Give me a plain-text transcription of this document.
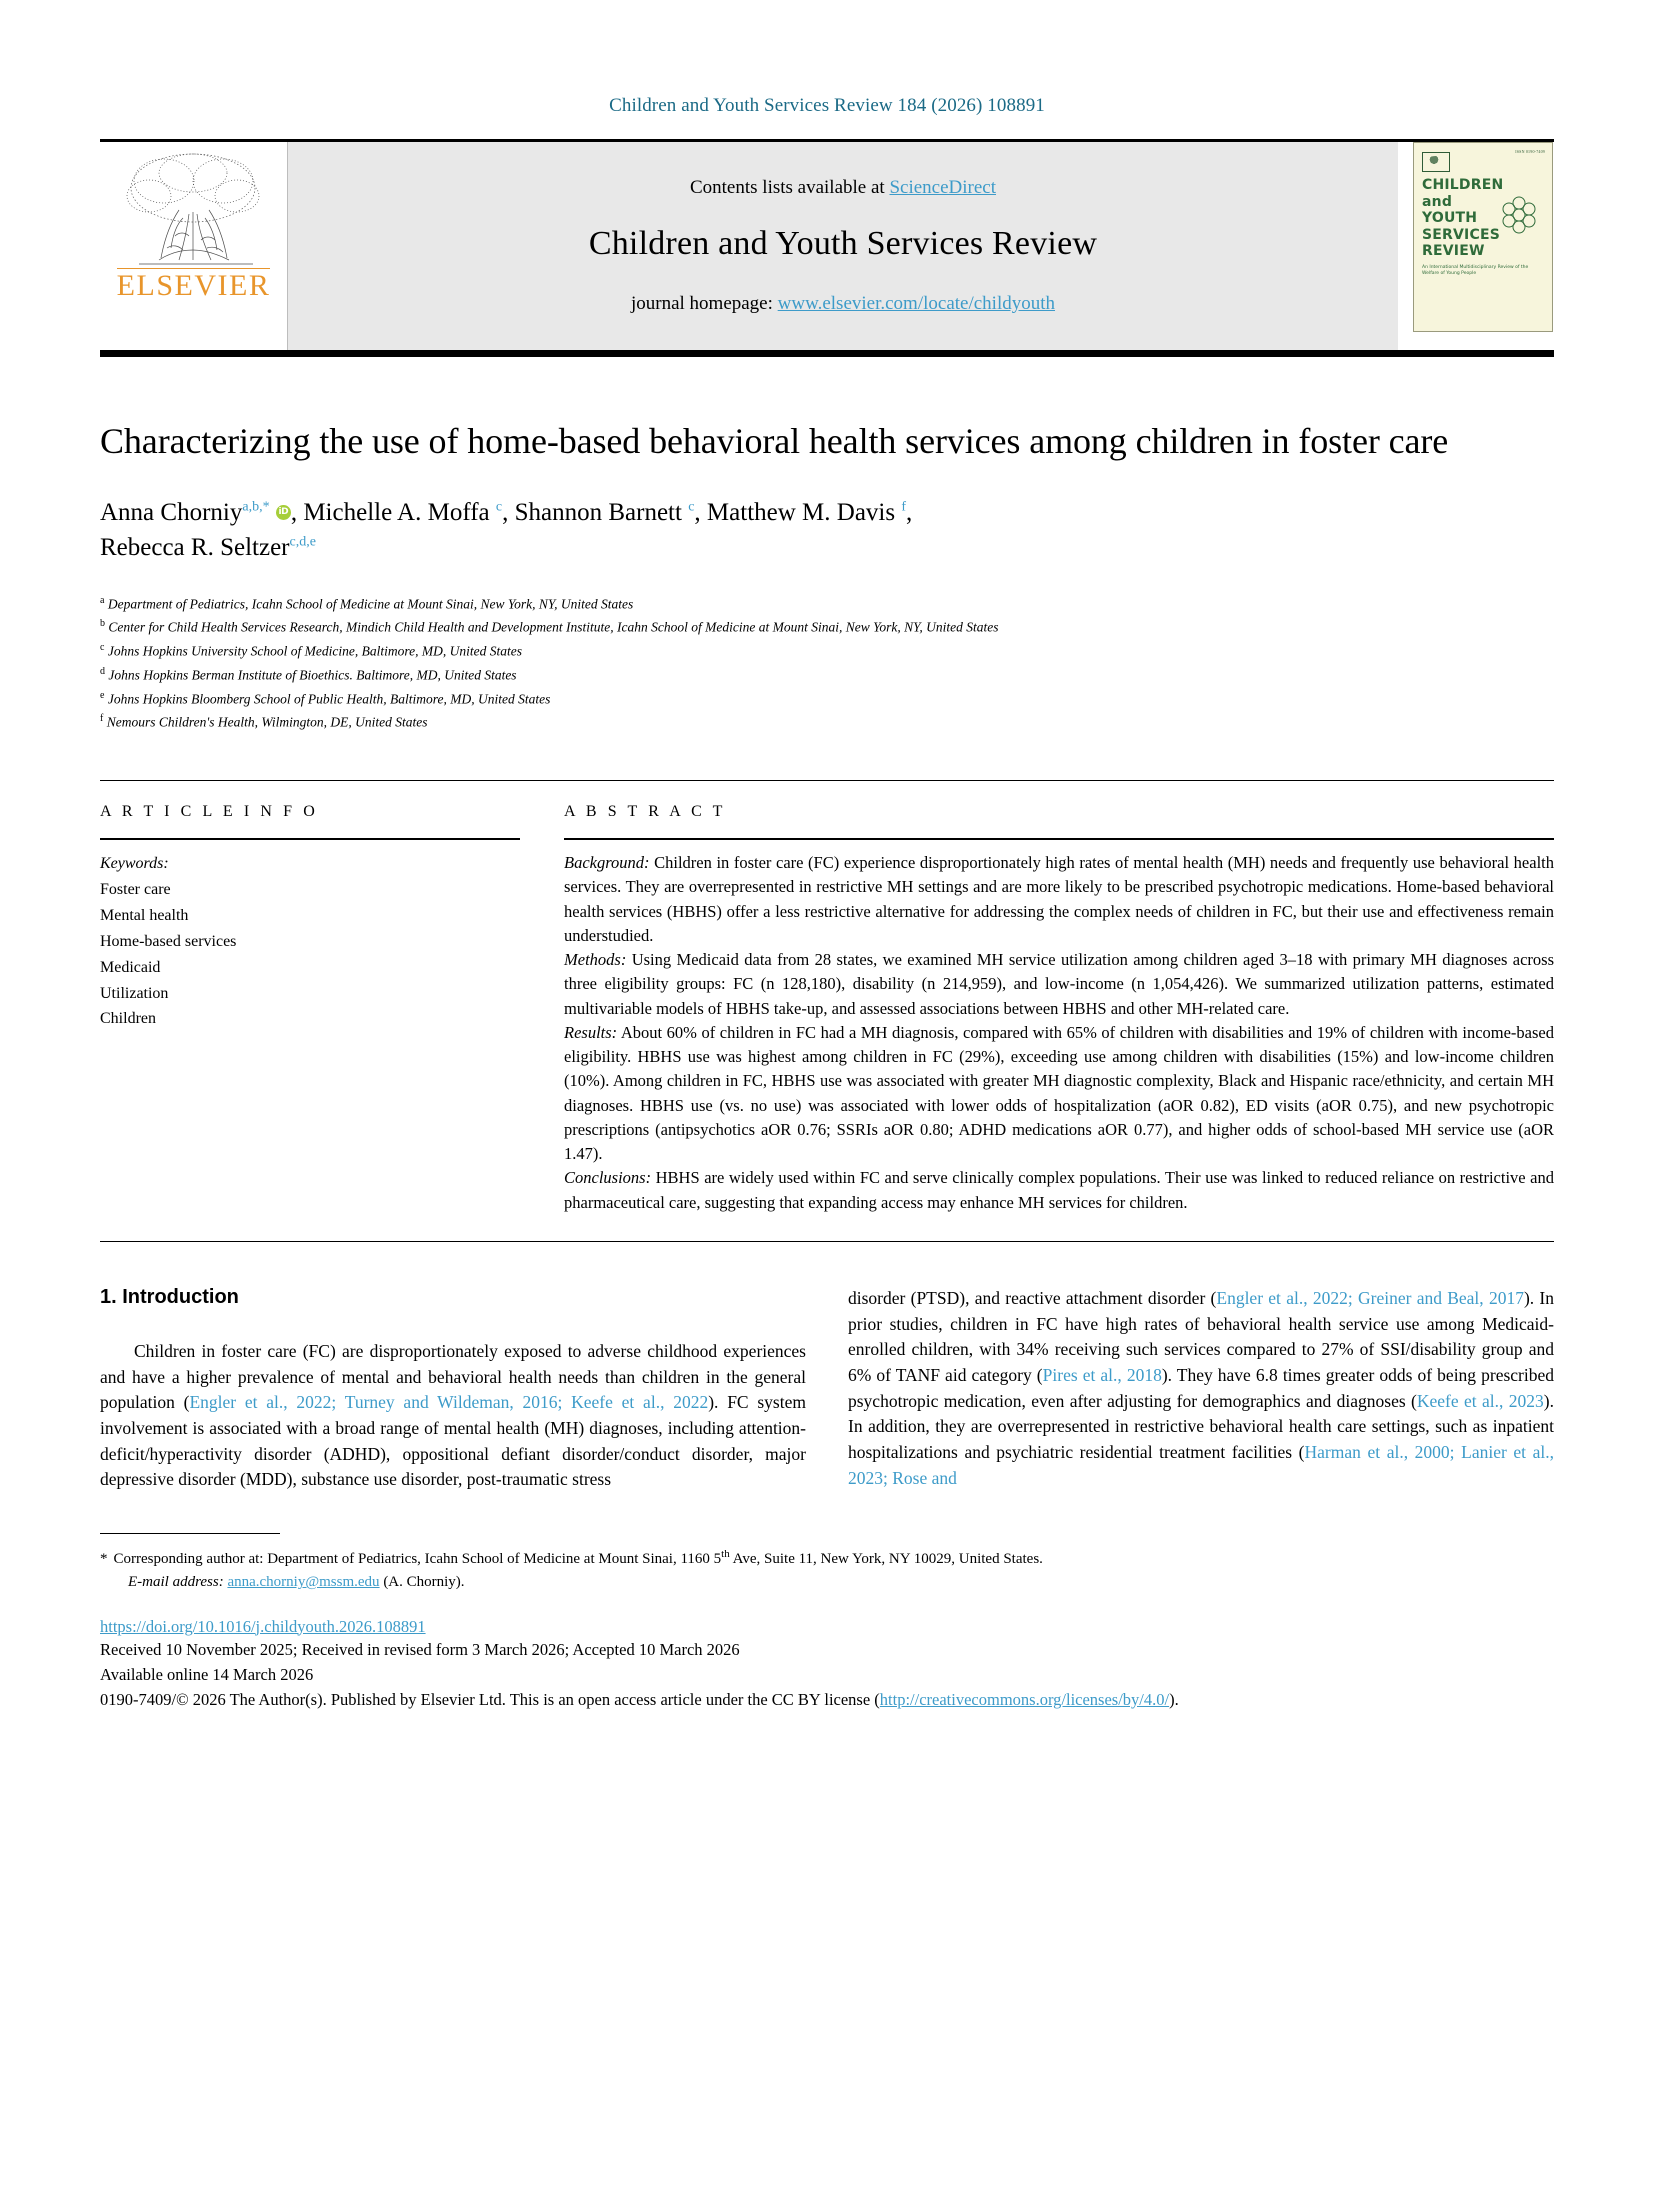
Children and Youth Services Review 184 (2026) 108891
ELSEVIER
Contents lists available at ScienceDirect
Children and Youth Services Review
journal homepage: www.elsevier.com/locate/childyouth
ISSN 0190-7409
CHILDREN
and
YOUTH
SERVICES
REVIEW
An International Multidisciplinary Review of the Welfare of Young People
Characterizing the use of home-based behavioral health services among children in foster care
Anna Chorniy$^{a,b,*}$ iD , Michelle A. Moffa $^c$, Shannon Barnett $^c$, Matthew M. Davis $^f$,
Rebecca R. Seltzer$^{c,d,e}$
$^a$ Department of Pediatrics, Icahn School of Medicine at Mount Sinai, New York, NY, United States
$^b$ Center for Child Health Services Research, Mindich Child Health and Development Institute, Icahn School of Medicine at Mount Sinai, New York, NY, United States
$^c$ Johns Hopkins University School of Medicine, Baltimore, MD, United States
$^d$ Johns Hopkins Berman Institute of Bioethics. Baltimore, MD, United States
$^e$ Johns Hopkins Bloomberg School of Public Health, Baltimore, MD, United States
$^f$ Nemours Children's Health, Wilmington, DE, United States
A R T I C L E I N F O
Keywords:
Foster care
Mental health
Home-based services
Medicaid
Utilization
Children
A B S T R A C T

Background: Children in foster care (FC) experience disproportionately high rates of mental health (MH) needs and frequently use behavioral health services. They are overrepresented in restrictive MH settings and are more likely to be prescribed psychotropic medications. Home-based behavioral health services (HBHS) offer a less restrictive alternative for addressing the complex needs of children in FC, but their use and effectiveness remain understudied.

Methods: Using Medicaid data from 28 states, we examined MH service utilization among children aged 3–18 with primary MH diagnoses across three eligibility groups: FC (n 128,180), disability (n 214,959), and low-income (n 1,054,426). We summarized utilization patterns, estimated multivariable models of HBHS take-up, and assessed associations between HBHS and other MH-related care.

Results: About 60% of children in FC had a MH diagnosis, compared with 65% of children with disabilities and 19% of children with income-based eligibility. HBHS use was highest among children in FC (29%), exceeding use among children with disabilities (15%) and low-income children (10%). Among children in FC, HBHS use was associated with greater MH diagnostic complexity, Black and Hispanic race/ethnicity, and certain MH diagnoses. HBHS use (vs. no use) was associated with lower odds of hospitalization (aOR 0.82), ED visits (aOR 0.75), and new psychotropic prescriptions (antipsychotics aOR 0.76; SSRIs aOR 0.80; ADHD medications aOR 0.77), and higher odds of school-based MH service use (aOR 1.47).

Conclusions: HBHS are widely used within FC and serve clinically complex populations. Their use was linked to reduced reliance on restrictive and pharmaceutical care, suggesting that expanding access may enhance MH services for children.

1. Introduction

Children in foster care (FC) are disproportionately exposed to adverse childhood experiences and have a higher prevalence of mental and behavioral health needs than children in the general population (Engler et al., 2022; Turney and Wildeman, 2016; Keefe et al., 2022). FC system involvement is associated with a broad range of mental health (MH) diagnoses, including attention-deficit/hyperactivity disorder (ADHD), oppositional defiant disorder/conduct disorder, major depressive disorder (MDD), substance use disorder, post-traumatic stress

disorder (PTSD), and reactive attachment disorder (Engler et al., 2022; Greiner and Beal, 2017). In prior studies, children in FC have high rates of behavioral health service use among Medicaid-enrolled children, with 34% receiving such services compared to 27% of SSI/disability group and 6% of TANF aid category (Pires et al., 2018). They have 6.8 times greater odds of being prescribed psychotropic medication, even after adjusting for demographics and diagnoses (Keefe et al., 2023). In addition, they are overrepresented in restrictive behavioral health care settings, such as inpatient hospitalizations and psychiatric residential treatment facilities (Harman et al., 2000; Lanier et al., 2023; Rose and

* Corresponding author at: Department of Pediatrics, Icahn School of Medicine at Mount Sinai, 1160 5th Ave, Suite 11, New York, NY 10029, United States.
E-mail address: anna.chorniy@mssm.edu (A. Chorniy).
https://doi.org/10.1016/j.childyouth.2026.108891
Received 10 November 2025; Received in revised form 3 March 2026; Accepted 10 March 2026
Available online 14 March 2026
0190-7409/© 2026 The Author(s). Published by Elsevier Ltd. This is an open access article under the CC BY license (http://creativecommons.org/licenses/by/4.0/).
